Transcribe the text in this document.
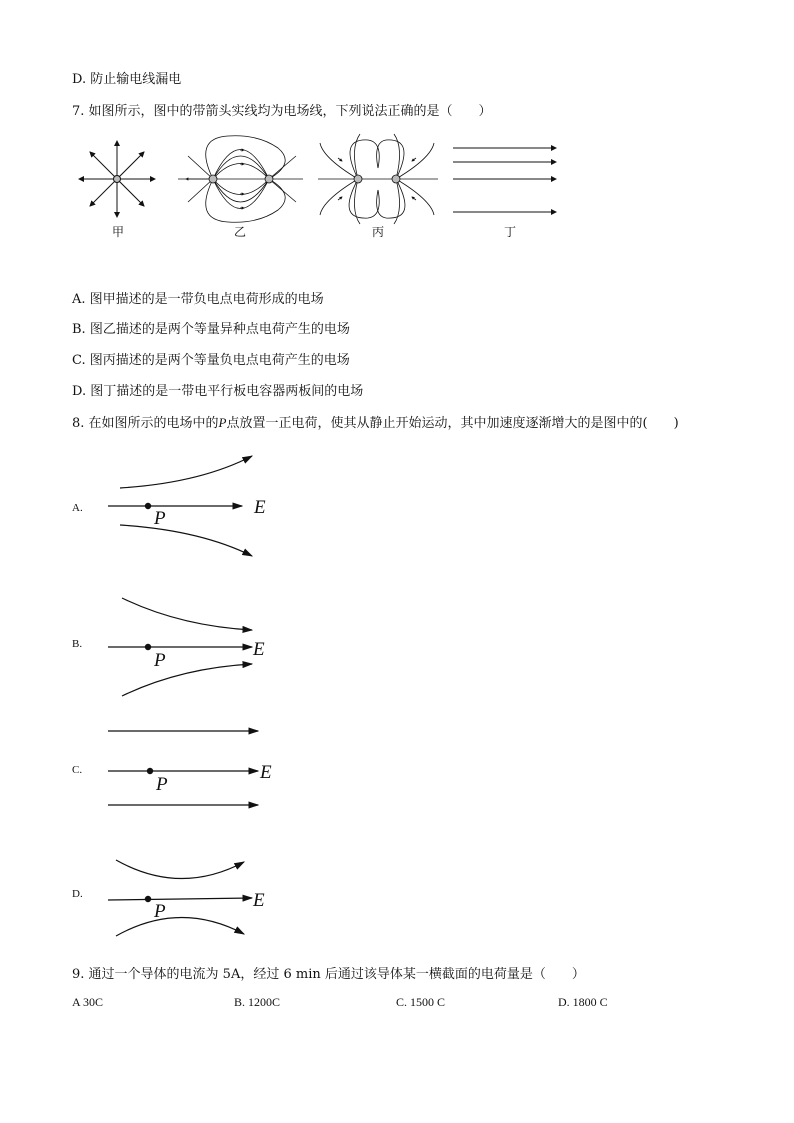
D. 防止输电线漏电
7. 如图所示，图中的带箭头实线均为电场线，下列说法正确的是（　　）
甲	乙	丙	丁
A. 图甲描述的是一带负电点电荷形成的电场
B. 图乙描述的是两个等量异种点电荷产生的电场
C. 图丙描述的是两个等量负电点电荷产生的电场
D. 图丁描述的是一带电平行板电容器两板间的电场
8. 在如图所示的电场中的P点放置一正电荷，使其从静止开始运动，其中加速度逐渐增大的是图中的(　　)
A.	P
E
B.
P
E
C.
P
E
D.
P
E
9. 通过一个导体的电流为 5A，经过 6 min 后通过该导体某一横截面的电荷量是（　　）
A 30C	B. 1200C	C. 1500 C	D. 1800 C
